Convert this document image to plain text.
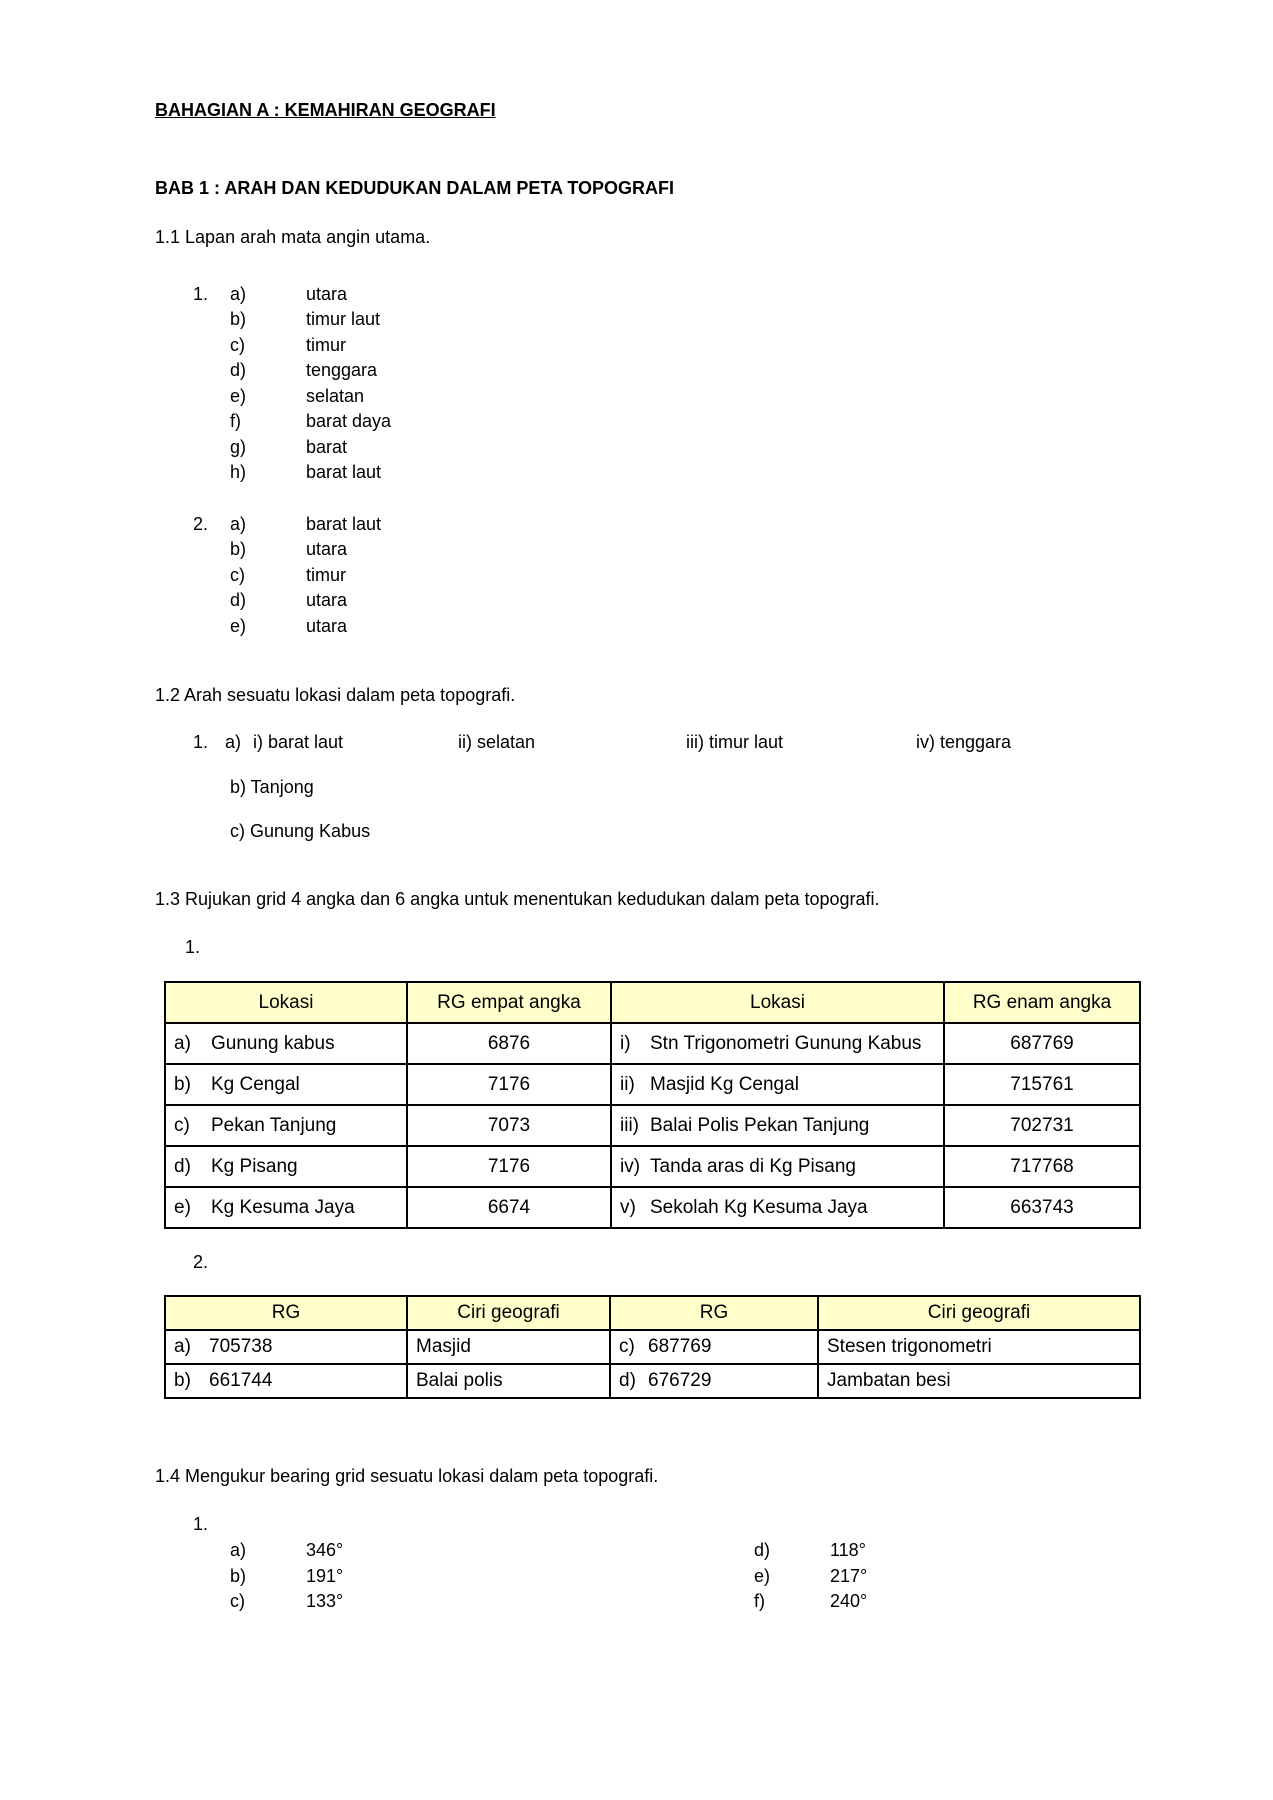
BAHAGIAN A : KEMAHIRAN GEOGRAFI
BAB 1 : ARAH DAN KEDUDUKAN DALAM PETA TOPOGRAFI
1.1 Lapan arah mata angin utama.
1. a)	utara
b)	timur laut
c)	timur
d)	tenggara
e)	selatan
f)	barat daya
g)	barat
h)	barat laut
2. a)	barat laut
b)	utara
c)	timur
d)	utara
e)	utara
1.2 Arah sesuatu lokasi dalam peta topografi.
1. a) i) barat laut	ii) selatan	iii) timur laut	iv) tenggara
b) Tanjong
c) Gunung Kabus
1.3 Rujukan grid 4 angka dan 6 angka untuk menentukan kedudukan dalam peta topografi.
1.
Lokasi	RG empat angka	Lokasi	RG enam angka
a) Gunung kabus	6876	i) Stn Trigonometri Gunung Kabus	687769
b) Kg Cengal	7176	ii) Masjid Kg Cengal	715761
c) Pekan Tanjung	7073	iii) Balai Polis Pekan Tanjung	702731
d) Kg Pisang	7176	iv) Tanda aras di Kg Pisang	717768
e) Kg Kesuma Jaya	6674	v) Sekolah Kg Kesuma Jaya	663743
2.
RG	Ciri geografi	RG	Ciri geografi
a) 705738	Masjid	c) 687769	Stesen trigonometri
b) 661744	Balai polis	d) 676729	Jambatan besi
1.4 Mengukur bearing grid sesuatu lokasi dalam peta topografi.
1.
a)	346°
b)	191°
c)	133°
d)	118°
e)	217°
f)	240°
